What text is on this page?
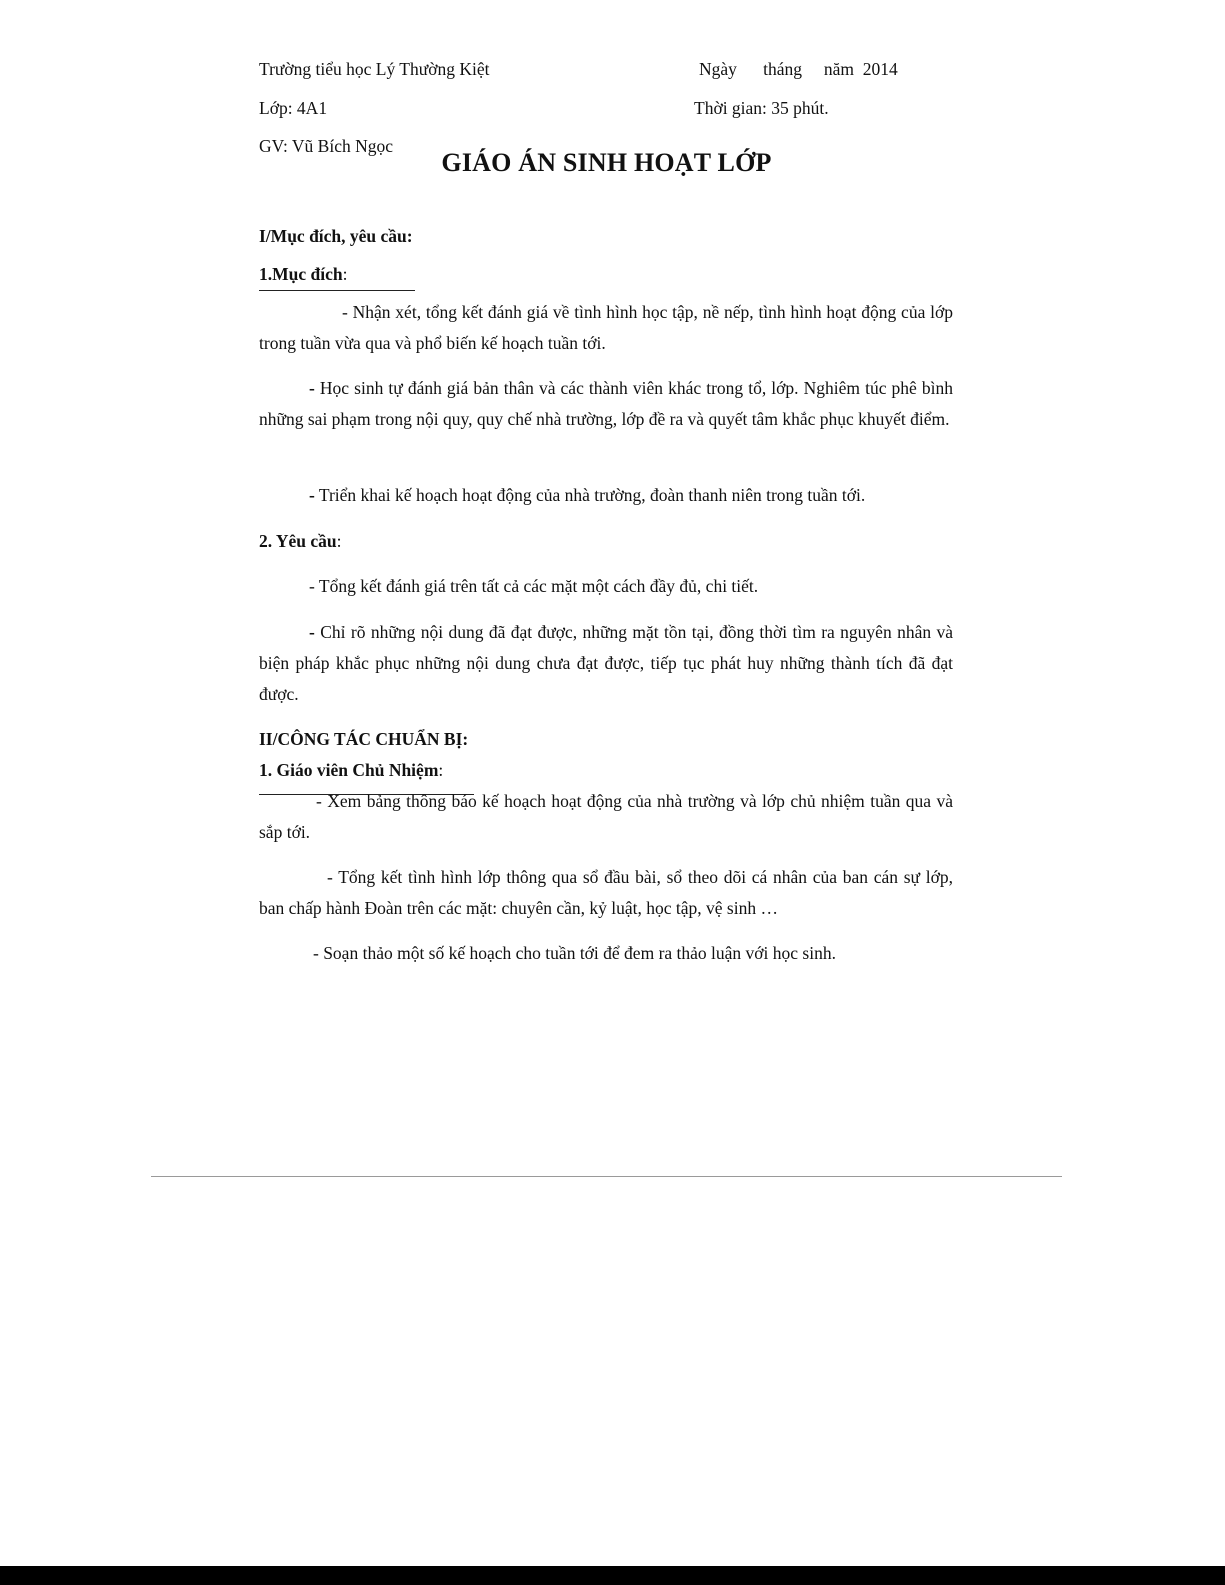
Trường tiểu học Lý Thường Kiệt	Ngày      tháng     năm  2014
Lớp: 4A1	Thời gian: 35 phút.
GV: Vũ Bích Ngọc
GIÁO ÁN SINH HOẠT LỚP
I/Mục đích, yêu cầu:
1.Mục đích:
- Nhận xét, tổng kết đánh giá về tình hình học tập, nề nếp, tình hình hoạt động của lớp trong tuần vừa qua và phổ biến kế hoạch tuần tới.
- Học sinh tự đánh giá bản thân và các thành viên khác trong tổ, lớp. Nghiêm túc phê bình những sai phạm trong nội quy, quy chế nhà trường, lớp đề ra và quyết tâm khắc phục khuyết điểm.
- Triển khai kế hoạch hoạt động của nhà trường, đoàn thanh niên trong tuần tới.
2. Yêu cầu:
- Tổng kết đánh giá trên tất cả các mặt một cách đầy đủ, chi tiết.
- Chỉ rõ những nội dung đã đạt được, những mặt tồn tại, đồng thời tìm ra nguyên nhân và biện pháp khắc phục những nội dung chưa đạt được, tiếp tục phát huy những thành tích đã đạt được.
II/CÔNG TÁC CHUẨN BỊ:
1. Giáo viên Chủ Nhiệm:
- Xem bảng thông báo kế hoạch hoạt động của nhà trường và lớp chủ nhiệm tuần qua và sắp tới.
- Tổng kết tình hình lớp thông qua sổ đầu bài, sổ theo dõi cá nhân của ban cán sự lớp, ban chấp hành Đoàn trên các mặt: chuyên cần, kỷ luật, học tập, vệ sinh …
- Soạn thảo một số kế hoạch cho tuần tới để đem ra thảo luận với học sinh.
